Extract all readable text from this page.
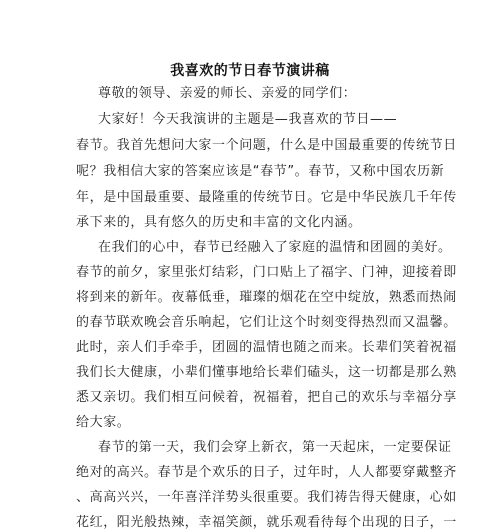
我喜欢的节日春节演讲稿
尊敬的领导、亲爱的师长、亲爱的同学们：
大家好！今天我演讲的主题是—我喜欢的节日——
春节。我首先想问大家一个问题，什么是中国最重要的传统节日
呢？我相信大家的答案应该是“春节”。春节，又称中国农历新
年，是中国最重要、最隆重的传统节日。它是中华民族几千年传
承下来的，具有悠久的历史和丰富的文化内涵。
在我们的心中，春节已经融入了家庭的温情和团圆的美好。
春节的前夕，家里张灯结彩，门口贴上了福字、门神，迎接着即
将到来的新年。夜幕低垂，璀璨的烟花在空中绽放，熟悉而热闹
的春节联欢晚会音乐响起，它们让这个时刻变得热烈而又温馨。
此时，亲人们手牵手，团圆的温情也随之而来。长辈们笑着祝福
我们长大健康，小辈们懂事地给长辈们磕头，这一切都是那么熟
悉又亲切。我们相互问候着，祝福着，把自己的欢乐与幸福分享
给大家。
春节的第一天，我们会穿上新衣，第一天起床，一定要保证
绝对的高兴。春节是个欢乐的日子，过年时，人人都要穿戴整齐
、高高兴兴，一年喜洋洋势头很重要。我们祷告得天健康，心如
花红，阳光般热辣，幸福笑颜，就乐观看待每个出现的日子，一
